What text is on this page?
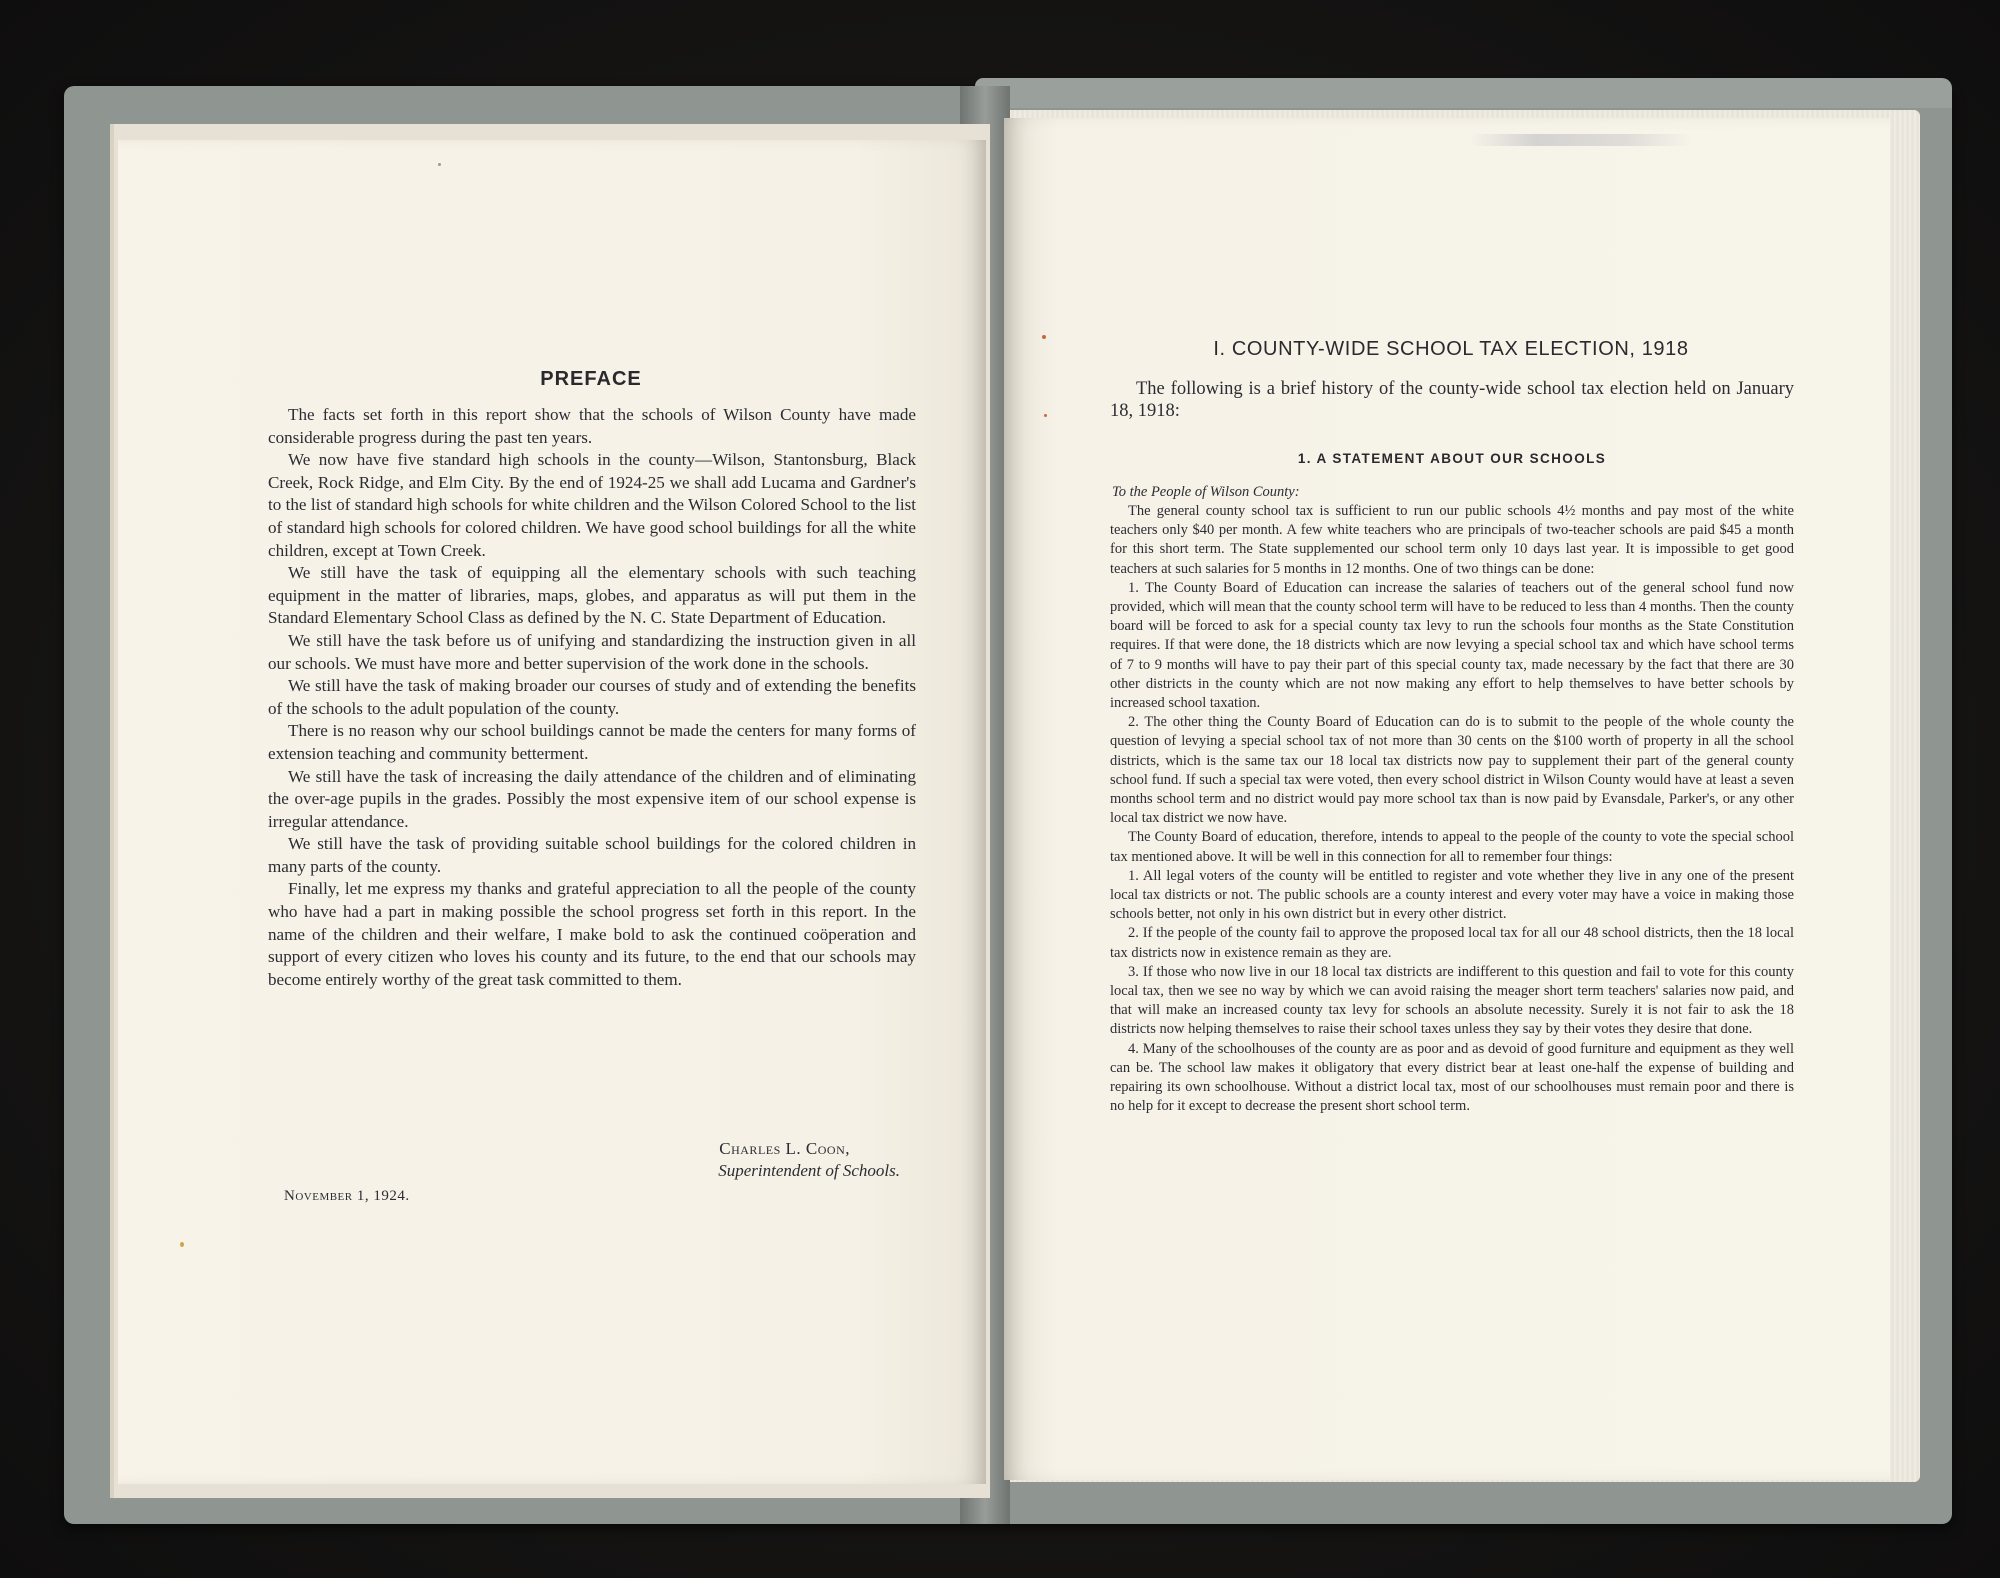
PREFACE

The facts set forth in this report show that the schools of Wilson County have made considerable progress during the past ten years.

We now have five standard high schools in the county—Wilson, Stantonsburg, Black Creek, Rock Ridge, and Elm City. By the end of 1924-25 we shall add Lucama and Gardner's to the list of standard high schools for white children and the Wilson Colored School to the list of standard high schools for colored children. We have good school buildings for all the white children, except at Town Creek.

We still have the task of equipping all the elementary schools with such teaching equipment in the matter of libraries, maps, globes, and apparatus as will put them in the Standard Elementary School Class as defined by the N. C. State Department of Education.

We still have the task before us of unifying and standardizing the instruction given in all our schools. We must have more and better supervision of the work done in the schools.

We still have the task of making broader our courses of study and of extending the benefits of the schools to the adult population of the county.

There is no reason why our school buildings cannot be made the centers for many forms of extension teaching and community betterment.

We still have the task of increasing the daily attendance of the children and of eliminating the over-age pupils in the grades. Possibly the most expensive item of our school expense is irregular attendance.

We still have the task of providing suitable school buildings for the colored children in many parts of the county.

Finally, let me express my thanks and grateful appreciation to all the people of the county who have had a part in making possible the school progress set forth in this report. In the name of the children and their welfare, I make bold to ask the continued coöperation and support of every citizen who loves his county and its future, to the end that our schools may become entirely worthy of the great task committed to them.

Charles L. Coon,
Superintendent of Schools.
November 1, 1924.
I. COUNTY-WIDE SCHOOL TAX ELECTION, 1918

The following is a brief history of the county-wide school tax election held on January 18, 1918:

1. A STATEMENT ABOUT OUR SCHOOLS
To the People of Wilson County:

The general county school tax is sufficient to run our public schools 4½ months and pay most of the white teachers only $40 per month. A few white teachers who are principals of two-teacher schools are paid $45 a month for this short term. The State supplemented our school term only 10 days last year. It is impossible to get good teachers at such salaries for 5 months in 12 months. One of two things can be done:

1. The County Board of Education can increase the salaries of teachers out of the general school fund now provided, which will mean that the county school term will have to be reduced to less than 4 months. Then the county board will be forced to ask for a special county tax levy to run the schools four months as the State Constitution requires. If that were done, the 18 districts which are now levying a special school tax and which have school terms of 7 to 9 months will have to pay their part of this special county tax, made necessary by the fact that there are 30 other districts in the county which are not now making any effort to help themselves to have better schools by increased school taxation.

2. The other thing the County Board of Education can do is to submit to the people of the whole county the question of levying a special school tax of not more than 30 cents on the $100 worth of property in all the school districts, which is the same tax our 18 local tax districts now pay to supplement their part of the general county school fund. If such a special tax were voted, then every school district in Wilson County would have at least a seven months school term and no district would pay more school tax than is now paid by Evansdale, Parker's, or any other local tax district we now have.

The County Board of education, therefore, intends to appeal to the people of the county to vote the special school tax mentioned above. It will be well in this connection for all to remember four things:

1. All legal voters of the county will be entitled to register and vote whether they live in any one of the present local tax districts or not. The public schools are a county interest and every voter may have a voice in making those schools better, not only in his own district but in every other district.

2. If the people of the county fail to approve the proposed local tax for all our 48 school districts, then the 18 local tax districts now in existence remain as they are.

3. If those who now live in our 18 local tax districts are indifferent to this question and fail to vote for this county local tax, then we see no way by which we can avoid raising the meager short term teachers' salaries now paid, and that will make an increased county tax levy for schools an absolute necessity. Surely it is not fair to ask the 18 districts now helping themselves to raise their school taxes unless they say by their votes they desire that done.

4. Many of the schoolhouses of the county are as poor and as devoid of good furniture and equipment as they well can be. The school law makes it obligatory that every district bear at least one-half the expense of building and repairing its own schoolhouse. Without a district local tax, most of our schoolhouses must remain poor and there is no help for it except to decrease the present short school term.
